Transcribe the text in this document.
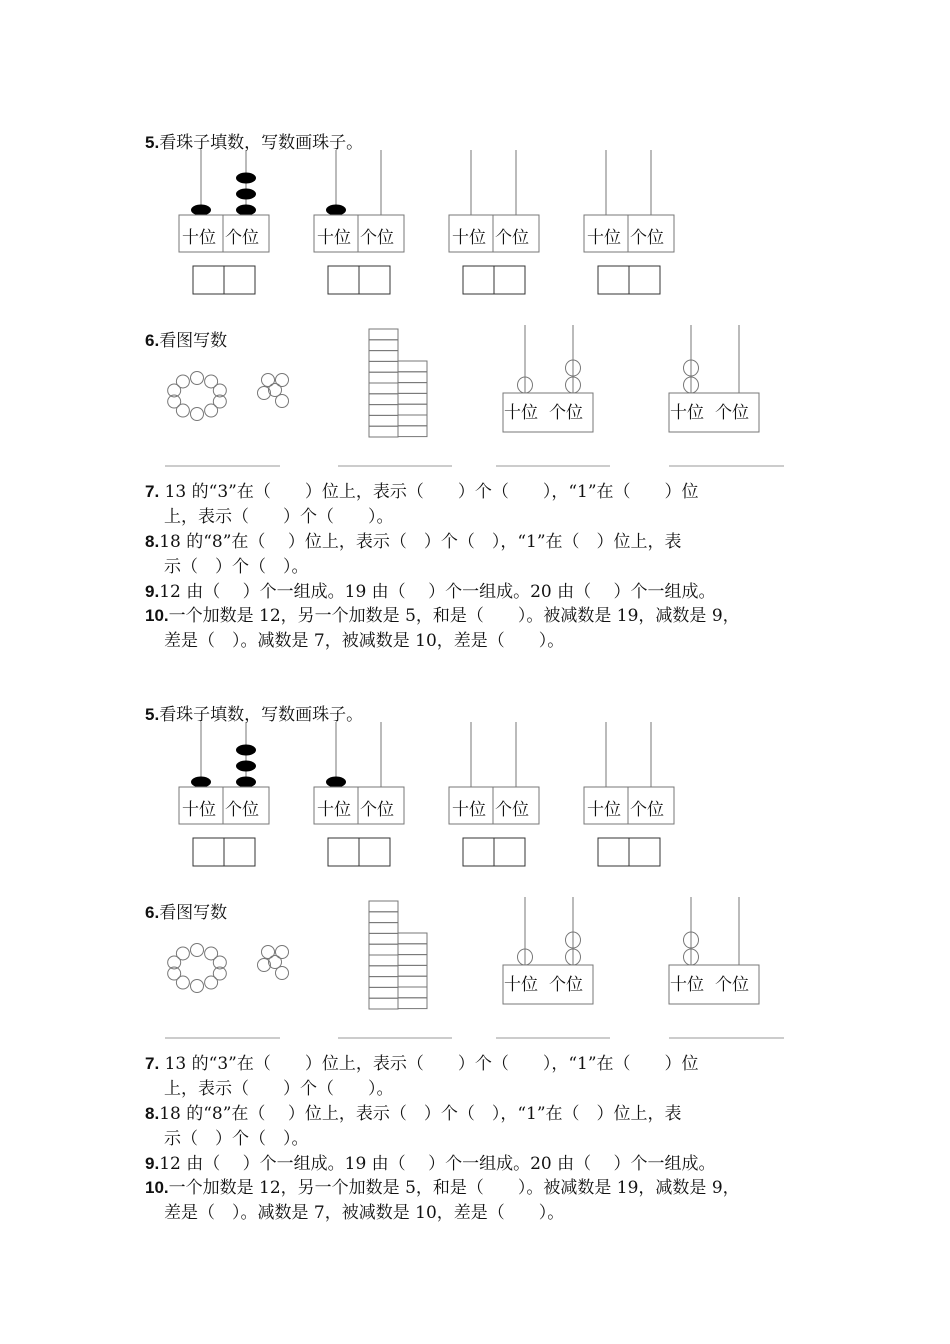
5.看珠子填数，写数画珠子。
6.看图写数
7. 13 的“3”在（　　）位上，表示（　　）个（　　），“1”在（　　）位
上，表示（　　）个（　　）。
8.18 的“8”在（　 ）位上，表示（　）个（　），“1”在（　）位上，表
示（　）个（　）。
9.12 由（　 ）个一组成。19 由（　 ）个一组成。20 由（　 ）个一组成。
10.一个加数是 12，另一个加数是 5，和是（　　）。被减数是 19，减数是 9，
差是（　）。减数是 7，被减数是 10，差是（　　）。
5.看珠子填数，写数画珠子。
6.看图写数
7. 13 的“3”在（　　）位上，表示（　　）个（　　），“1”在（　　）位
上，表示（　　）个（　　）。
8.18 的“8”在（　 ）位上，表示（　）个（　），“1”在（　）位上，表
示（　）个（　）。
9.12 由（　 ）个一组成。19 由（　 ）个一组成。20 由（　 ）个一组成。
10.一个加数是 12，另一个加数是 5，和是（　　）。被减数是 19，减数是 9，
差是（　）。减数是 7，被减数是 10，差是（　　）。
十位 个位	十位 个位	十位 个位	十位 个位
十位 个位	十位 个位
十位 个位	十位 个位	十位 个位	十位 个位
十位 个位	十位 个位
